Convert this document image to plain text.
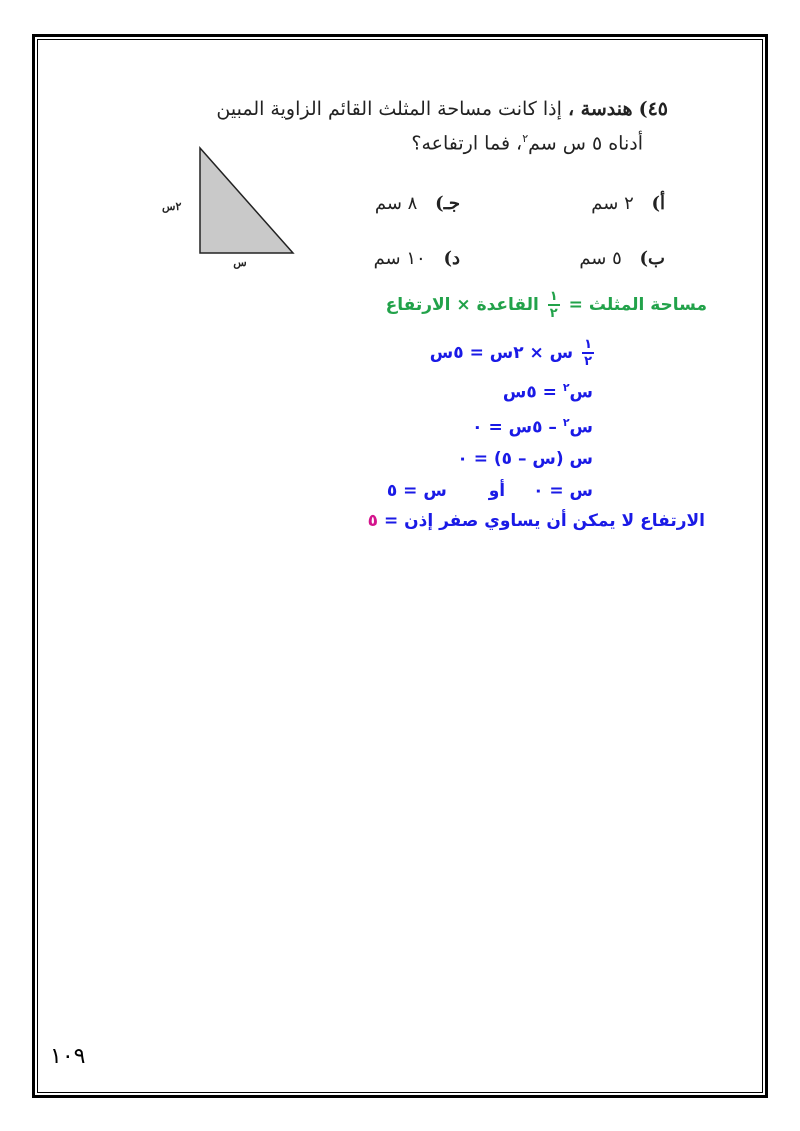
٤٥) هندسة ، إذا كانت مساحة المثلث القائم الزاوية المبين
أدناه ٥ س سم$^٢$، فما ارتفاعه؟
أ) ٢ سم
ب) ٥ سم
جـ) ٨ سم
د) ١٠ سم
٢س
س
مساحة المثلث =
$\frac{١}{٢}$
القاعدة × الارتفاع
$\frac{١}{٢}$
س × ٢س = ٥س
س$^٢$ = ٥س
س$^٢$ – ٥س = ٠
س (س – ٥) = ٠
س = ٠ أو س = ٥
الارتفاع لا يمكن أن يساوي صفر إذن = ٥
١٠٩
